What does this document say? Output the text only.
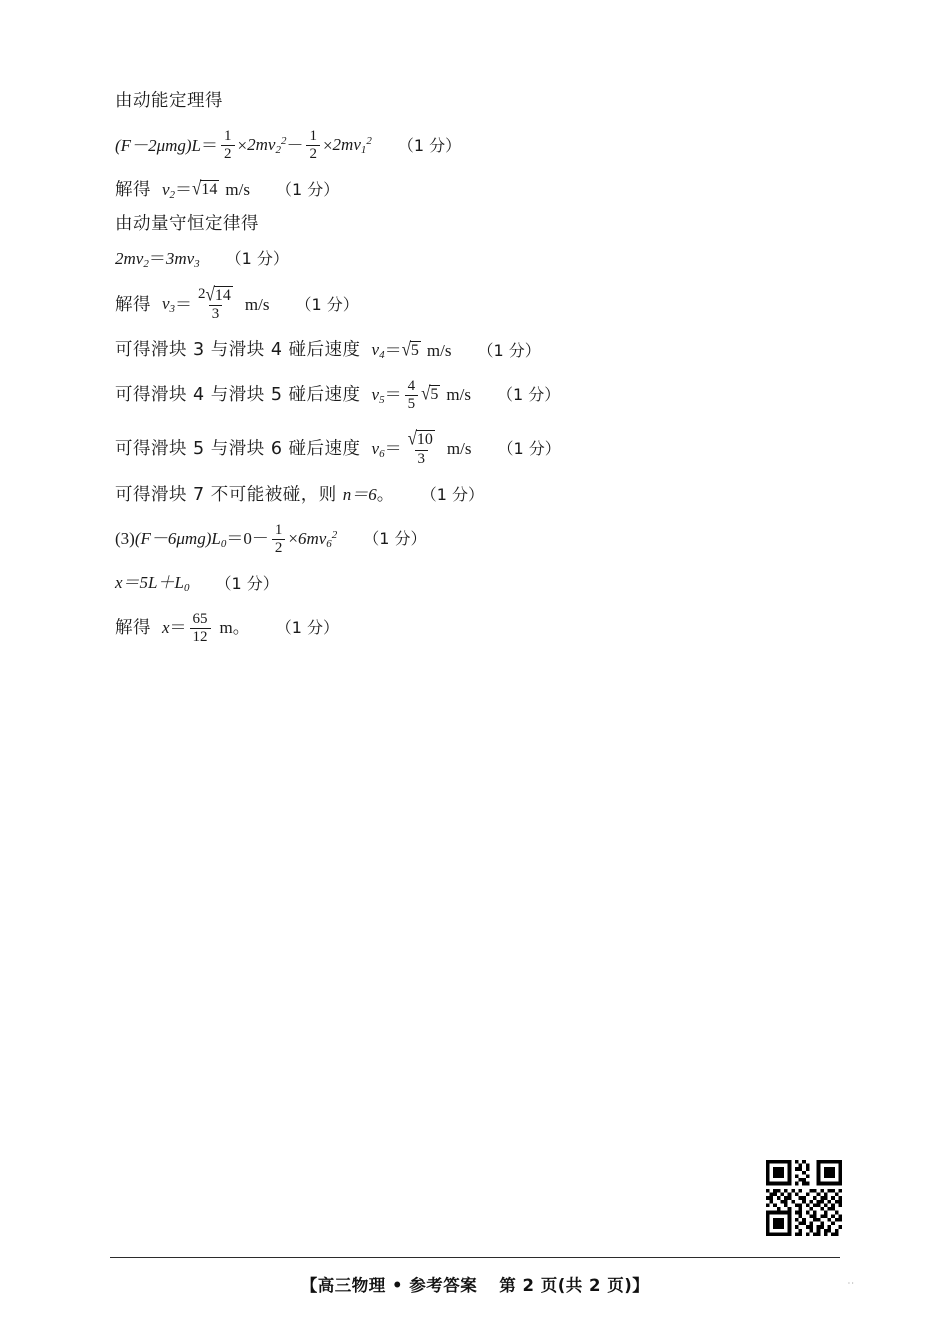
由动能定理得
$(F-2\mu mg)L = \frac{1}{2} \times 2mv_2^2 - \frac{1}{2} \times 2mv_1^2$ （1 分）
解得 $v_2$ ＝ √ 14 m/s （1 分）
由动量守恒定律得
$2mv_2 = 3mv_3$ （1 分）
解得 $v_3 = \frac{2 √ 14}{3} m/s$ （1 分）
可得滑块 3 与滑块 4 碰后速度 $v_4$ ＝ √ 5 m/s （1 分）
可得滑块 4 与滑块 5 碰后速度 $v_5 = \frac{4}{5}$ √ 5 m/s （1 分）
可得滑块 5 与滑块 6 碰后速度 $v_6 = \frac{√ 10}{3} m/s$ （1 分）
可得滑块 7 不可能被碰，则 n＝6 。 （1 分）
(3) $(F-6\mu mg)L_0 = 0- \frac{1}{2} \times 6mv_6^2$ （1 分）
$x=5L+L_0$ （1 分）
解得 $x = \frac{65}{12}$ m。 （1 分）
【高三物理 • 参考答案 第 2 页(共 2 页)】	··
